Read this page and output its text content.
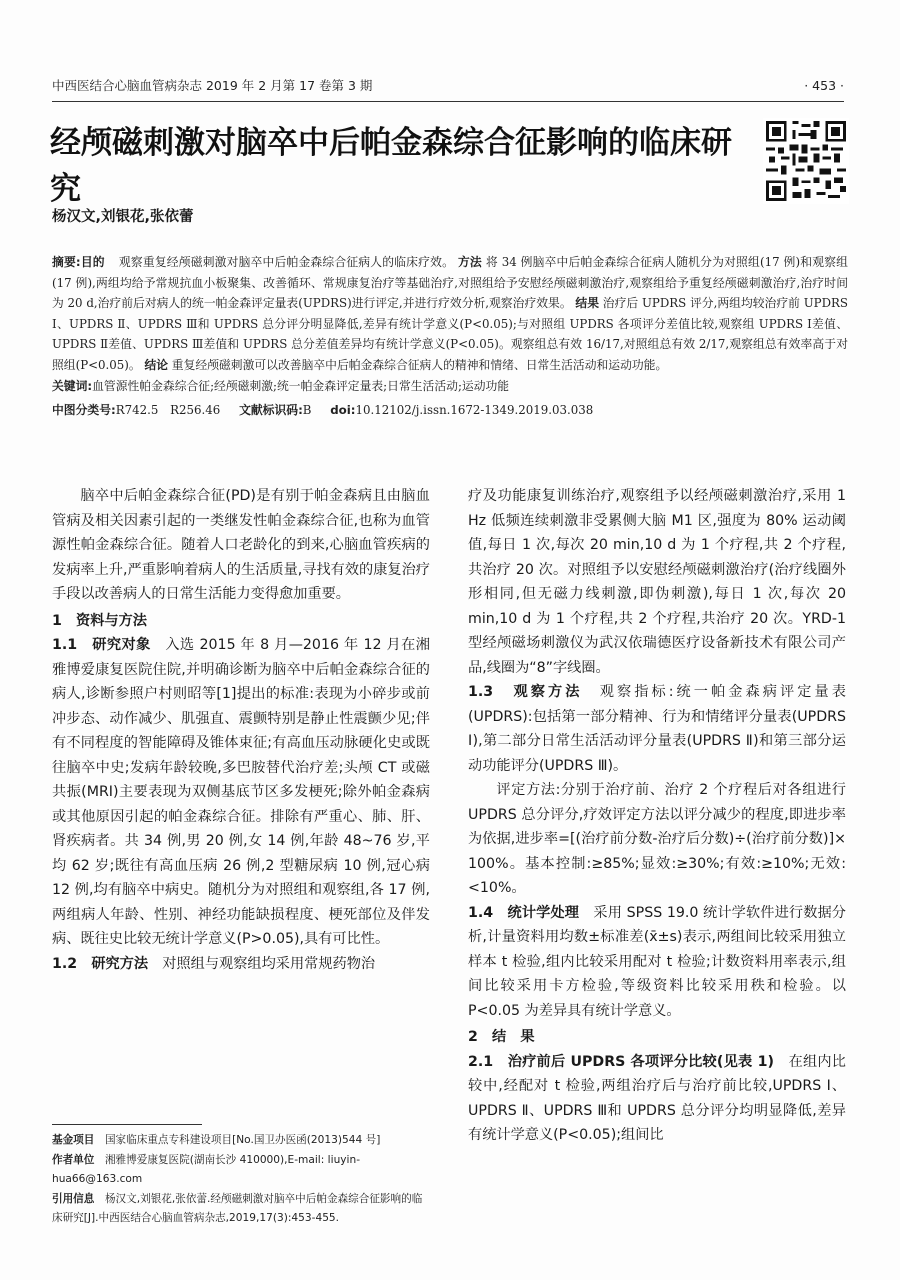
中西医结合心脑血管病杂志 2019 年 2 月第 17 卷第 3 期	· 453 ·
经颅磁刺激对脑卒中后帕金森综合征影响的临床研究
杨汉文,刘银花,张依蕾

摘要:目的 观察重复经颅磁刺激对脑卒中后帕金森综合征病人的临床疗效。 方法 将 34 例脑卒中后帕金森综合征病人随机分为对照组(17 例)和观察组(17 例),两组均给予常规抗血小板聚集、改善循环、常规康复治疗等基础治疗,对照组给予安慰经颅磁刺激治疗,观察组给予重复经颅磁刺激治疗,治疗时间为 20 d,治疗前后对病人的统一帕金森评定量表(UPDRS)进行评定,并进行疗效分析,观察治疗效果。 结果 治疗后 UPDRS 评分,两组均较治疗前 UPDRS Ⅰ、UPDRS Ⅱ、UPDRS Ⅲ和 UPDRS 总分评分明显降低,差异有统计学意义(P<0.05);与对照组 UPDRS 各项评分差值比较,观察组 UPDRS Ⅰ差值、UPDRS Ⅱ差值、UPDRS Ⅲ差值和 UPDRS 总分差值差异均有统计学意义(P<0.05)。观察组总有效 16/17,对照组总有效 2/17,观察组总有效率高于对照组(P<0.05)。 结论 重复经颅磁刺激可以改善脑卒中后帕金森综合征病人的精神和情绪、日常生活活动和运动功能。

关键词:血管源性帕金森综合征;经颅磁刺激;统一帕金森评定量表;日常生活活动;运动功能

中图分类号:R742.5　R256.46 文献标识码:B doi:10.12102/j.issn.1672-1349.2019.03.038

脑卒中后帕金森综合征(PD)是有别于帕金森病且由脑血管病及相关因素引起的一类继发性帕金森综合征,也称为血管源性帕金森综合征。随着人口老龄化的到来,心脑血管疾病的发病率上升,严重影响着病人的生活质量,寻找有效的康复治疗手段以改善病人的日常生活能力变得愈加重要。

1　资料与方法

1.1　研究对象　 入选 2015 年 8 月—2016 年 12 月在湘雅博爱康复医院住院,并明确诊断为脑卒中后帕金森综合征的病人,诊断参照户村则昭等[1]提出的标准:表现为小碎步或前冲步态、动作减少、肌强直、震颤特别是静止性震颤少见;伴有不同程度的智能障碍及锥体束征;有高血压动脉硬化史或既往脑卒中史;发病年龄较晚,多巴胺替代治疗差;头颅 CT 或磁共振(MRI)主要表现为双侧基底节区多发梗死;除外帕金森病或其他原因引起的帕金森综合征。排除有严重心、肺、肝、肾疾病者。共 34 例,男 20 例,女 14 例,年龄 48~76 岁,平均 62 岁;既往有高血压病 26 例,2 型糖尿病 10 例,冠心病 12 例,均有脑卒中病史。随机分为对照组和观察组,各 17 例,两组病人年龄、性别、神经功能缺损程度、梗死部位及伴发病、既往史比较无统计学意义(P>0.05),具有可比性。

1.2　研究方法　 对照组与观察组均采用常规药物治

疗及功能康复训练治疗,观察组予以经颅磁刺激治疗,采用 1 Hz 低频连续刺激非受累侧大脑 M1 区,强度为 80% 运动阈值,每日 1 次,每次 20 min,10 d 为 1 个疗程,共 2 个疗程,共治疗 20 次。对照组予以安慰经颅磁刺激治疗(治疗线圈外形相同,但无磁力线刺激,即伪刺激),每日 1 次,每次 20 min,10 d 为 1 个疗程,共 2 个疗程,共治疗 20 次。YRD-1 型经颅磁场刺激仪为武汉依瑞德医疗设备新技术有限公司产品,线圈为“8”字线圈。

1.3　观察方法　 观察指标:统一帕金森病评定量表(UPDRS):包括第一部分精神、行为和情绪评分量表(UPDRS Ⅰ),第二部分日常生活活动评分量表(UPDRS Ⅱ)和第三部分运动功能评分(UPDRS Ⅲ)。

评定方法:分别于治疗前、治疗 2 个疗程后对各组进行 UPDRS 总分评分,疗效评定方法以评分减少的程度,即进步率为依据,进步率=[(治疗前分数-治疗后分数)÷(治疗前分数)]× 100%。基本控制:≥85%;显效:≥30%;有效:≥10%;无效:<10%。

1.4　统计学处理　 采用 SPSS 19.0 统计学软件进行数据分析,计量资料用均数±标准差(x̄±s)表示,两组间比较采用独立样本 t 检验,组内比较采用配对 t 检验;计数资料用率表示,组间比较采用卡方检验,等级资料比较采用秩和检验。以 P<0.05 为差异具有统计学意义。

2　结　果

2.1　治疗前后 UPDRS 各项评分比较(见表 1)　 在组内比较中,经配对 t 检验,两组治疗后与治疗前比较,UPDRS Ⅰ、UPDRS Ⅱ、UPDRS Ⅲ和 UPDRS 总分评分均明显降低,差异有统计学意义(P<0.05);组间比

基金项目　 国家临床重点专科建设项目[No.国卫办医函(2013)544 号]

作者单位　 湘雅博爱康复医院(湖南长沙 410000),E-mail: liuyin-hua66@163.com

引用信息　 杨汉文,刘银花,张依蕾.经颅磁刺激对脑卒中后帕金森综合征影响的临床研究[J].中西医结合心脑血管病杂志,2019,17(3):453-455.
